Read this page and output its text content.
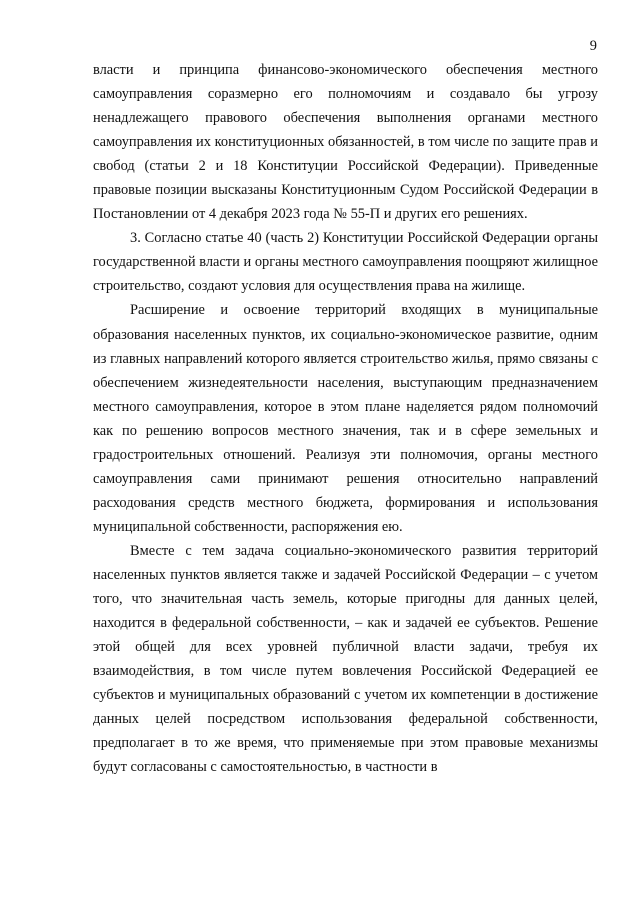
9

власти и принципа финансово-экономического обеспечения местного самоуправления соразмерно его полномочиям и создавало бы угрозу ненадлежащего правового обеспечения выполнения органами местного самоуправления их конституционных обязанностей, в том числе по защите прав и свобод (статьи 2 и 18 Конституции Российской Федерации). Приведенные правовые позиции высказаны Конституционным Судом Российской Федерации в Постановлении от 4 декабря 2023 года № 55-П и других его решениях.

3. Согласно статье 40 (часть 2) Конституции Российской Федерации органы государственной власти и органы местного самоуправления поощряют жилищное строительство, создают условия для осуществления права на жилище.

Расширение и освоение территорий входящих в муниципальные образования населенных пунктов, их социально-экономическое развитие, одним из главных направлений которого является строительство жилья, прямо связаны с обеспечением жизнедеятельности населения, выступающим предназначением местного самоуправления, которое в этом плане наделяется рядом полномочий как по решению вопросов местного значения, так и в сфере земельных и градостроительных отношений. Реализуя эти полномочия, органы местного самоуправления сами принимают решения относительно направлений расходования средств местного бюджета, формирования и использования муниципальной собственности, распоряжения ею.

Вместе с тем задача социально-экономического развития территорий населенных пунктов является также и задачей Российской Федерации – с учетом того, что значительная часть земель, которые пригодны для данных целей, находится в федеральной собственности, – как и задачей ее субъектов. Решение этой общей для всех уровней публичной власти задачи, требуя их взаимодействия, в том числе путем вовлечения Российской Федерацией ее субъектов и муниципальных образований с учетом их компетенции в достижение данных целей посредством использования федеральной собственности, предполагает в то же время, что применяемые при этом правовые механизмы будут согласованы с самостоятельностью, в частности в
